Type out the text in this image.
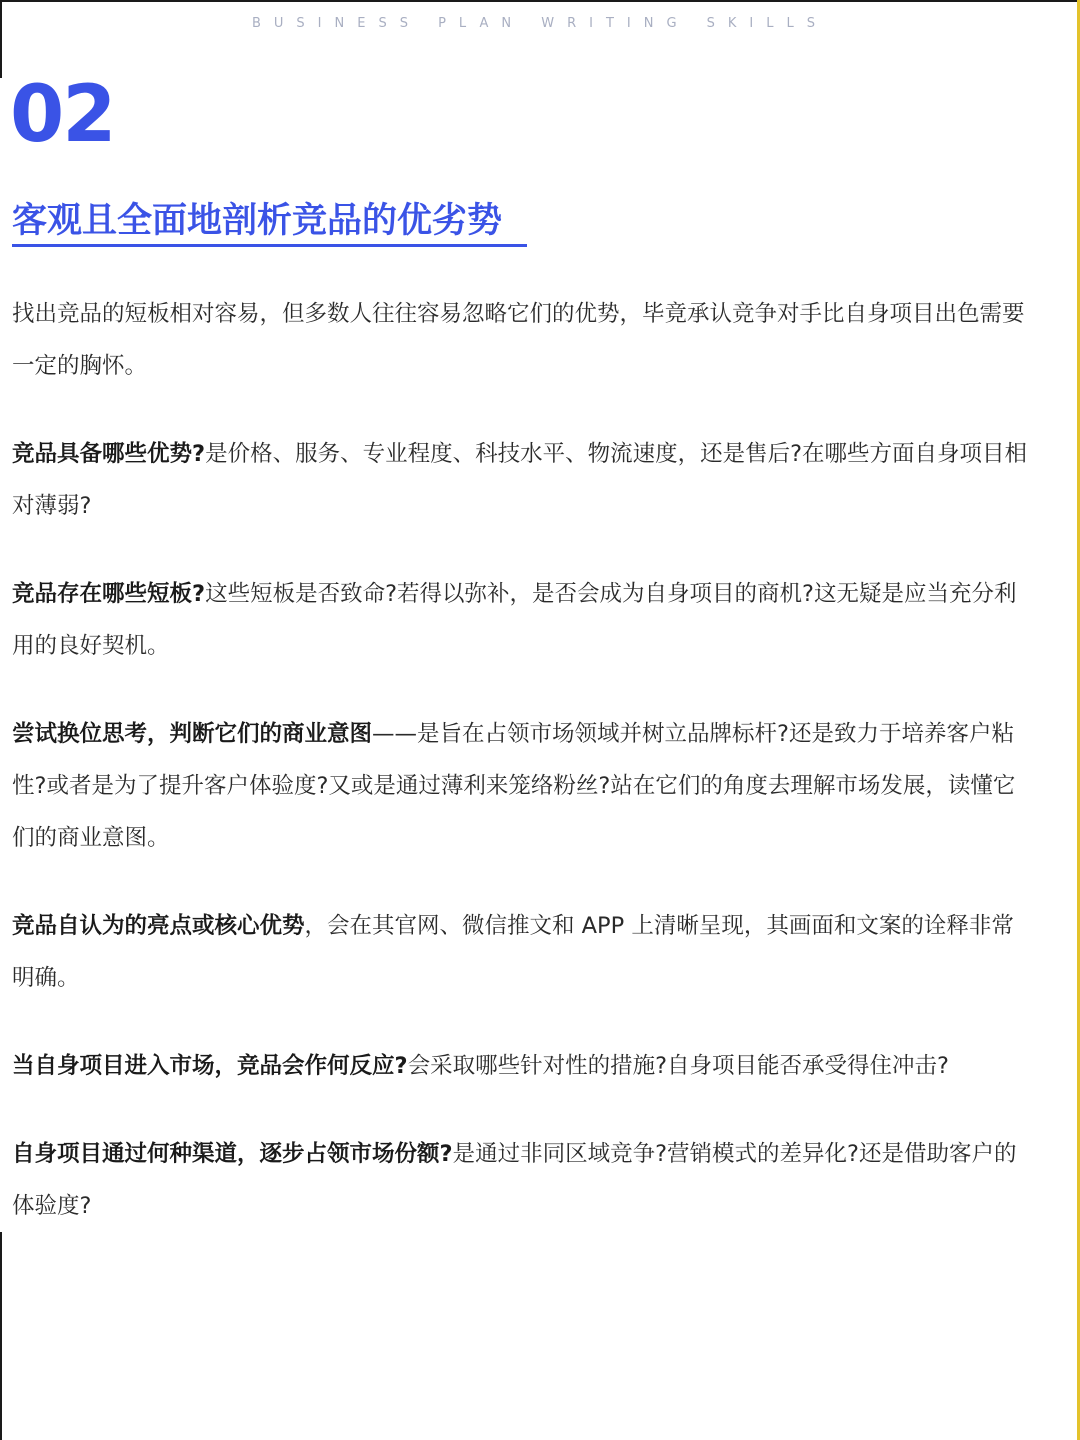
BUSINESS PLAN WRITING SKILLS
02
客观且全面地剖析竞品的优劣势

找出竞品的短板相对容易，但多数人往往容易忽略它们的优势，毕竟承认竞争对手比自身项目出色需要一定的胸怀。

竞品具备哪些优势?是价格、服务、专业程度、科技水平、物流速度，还是售后?在哪些方面自身项目相对薄弱?

竞品存在哪些短板?这些短板是否致命?若得以弥补，是否会成为自身项目的商机?这无疑是应当充分利用的良好契机。

尝试换位思考，判断它们的商业意图——是旨在占领市场领域并树立品牌标杆?还是致力于培养客户粘性?或者是为了提升客户体验度?又或是通过薄利来笼络粉丝?站在它们的角度去理解市场发展，读懂它们的商业意图。

竞品自认为的亮点或核心优势，会在其官网、微信推文和 APP 上清晰呈现，其画面和文案的诠释非常明确。

当自身项目进入市场，竞品会作何反应?会采取哪些针对性的措施?自身项目能否承受得住冲击?

自身项目通过何种渠道，逐步占领市场份额?是通过非同区域竞争?营销模式的差异化?还是借助客户的体验度?
